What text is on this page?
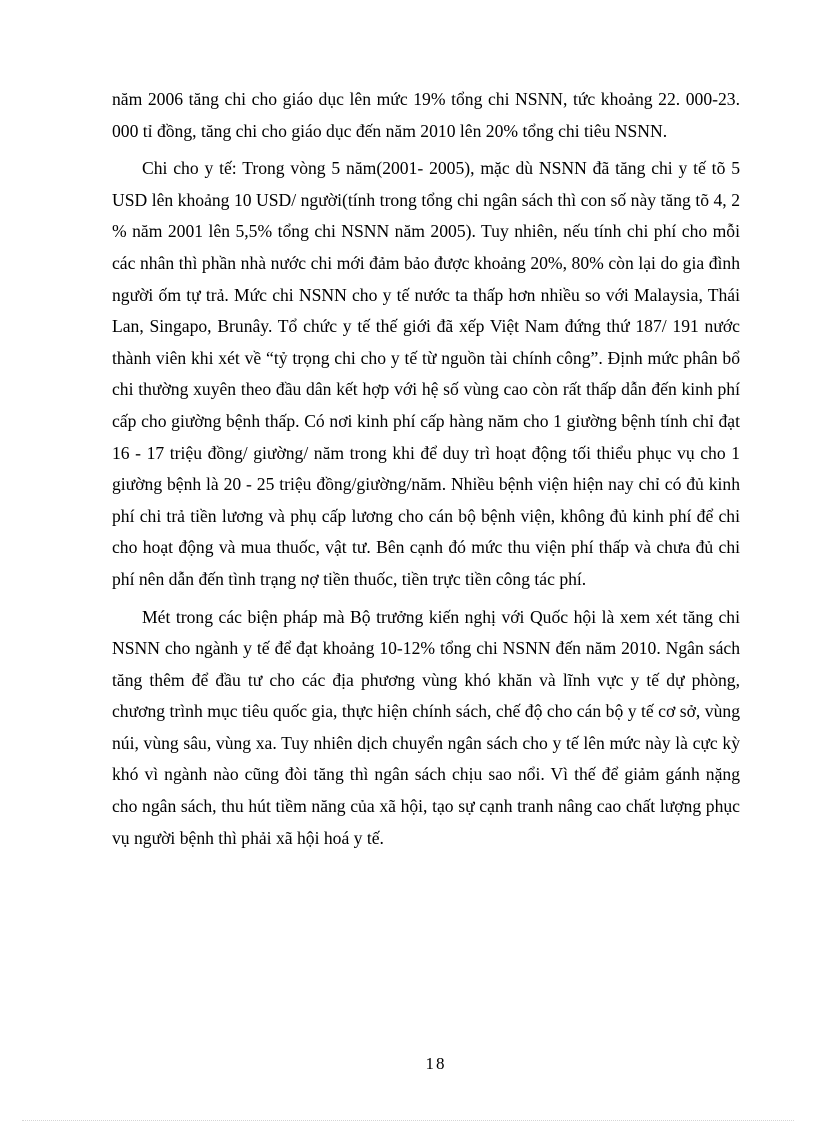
năm 2006 tăng chi cho giáo dục lên mức 19% tổng chi NSNN, tức khoảng 22. 000-23. 000 tỉ đồng, tăng chi cho giáo dục đến năm 2010 lên 20% tổng chi tiêu NSNN.

Chi cho y tế: Trong vòng 5 năm(2001- 2005), mặc dù NSNN đã tăng chi y tế tõ 5 USD lên khoảng 10 USD/ người(tính trong tổng chi ngân sách thì con số này tăng tõ 4, 2 % năm 2001 lên 5,5% tổng chi NSNN năm 2005). Tuy nhiên, nếu tính chi phí cho mỗi các nhân thì phần nhà nước chi mới đảm bảo được khoảng 20%, 80% còn lại do gia đình người ốm tự trả. Mức chi NSNN cho y tế nước ta thấp hơn nhiều so với Malaysia, Thái Lan, Singapo, Brunây. Tổ chức y tế thế giới đã xếp Việt Nam đứng thứ 187/ 191 nước thành viên khi xét về “tỷ trọng chi cho y tế từ nguồn tài chính công”. Định mức phân bổ chi thường xuyên theo đầu dân kết hợp với hệ số vùng cao còn rất thấp dẫn đến kinh phí cấp cho giường bệnh thấp. Có nơi kinh phí cấp hàng năm cho 1 giường bệnh tính chỉ đạt 16 - 17 triệu đồng/ giường/ năm trong khi để duy trì hoạt động tối thiểu phục vụ cho 1 giường bệnh là 20 - 25 triệu đồng/giường/năm. Nhiều bệnh viện hiện nay chỉ có đủ kinh phí chi trả tiền lương và phụ cấp lương cho cán bộ bệnh viện, không đủ kinh phí để chi cho hoạt động và mua thuốc, vật tư. Bên cạnh đó mức thu viện phí thấp và chưa đủ chi phí nên dẫn đến tình trạng nợ tiền thuốc, tiền trực tiền công tác phí.

Mét trong các biện pháp mà Bộ trưởng kiến nghị với Quốc hội là xem xét tăng chi NSNN cho ngành y tế để đạt khoảng 10-12% tổng chi NSNN đến năm 2010. Ngân sách tăng thêm để đầu tư cho các địa phương vùng khó khăn và lĩnh vực y tế dự phòng, chương trình mục tiêu quốc gia, thực hiện chính sách, chế độ cho cán bộ y tế cơ sở, vùng núi, vùng sâu, vùng xa. Tuy nhiên dịch chuyển ngân sách cho y tế lên mức này là cực kỳ khó vì ngành nào cũng đòi tăng thì ngân sách chịu sao nổi. Vì thế để giảm gánh nặng cho ngân sách, thu hút tiềm năng của xã hội, tạo sự cạnh tranh nâng cao chất lượng phục vụ người bệnh thì phải xã hội hoá y tế.

18
